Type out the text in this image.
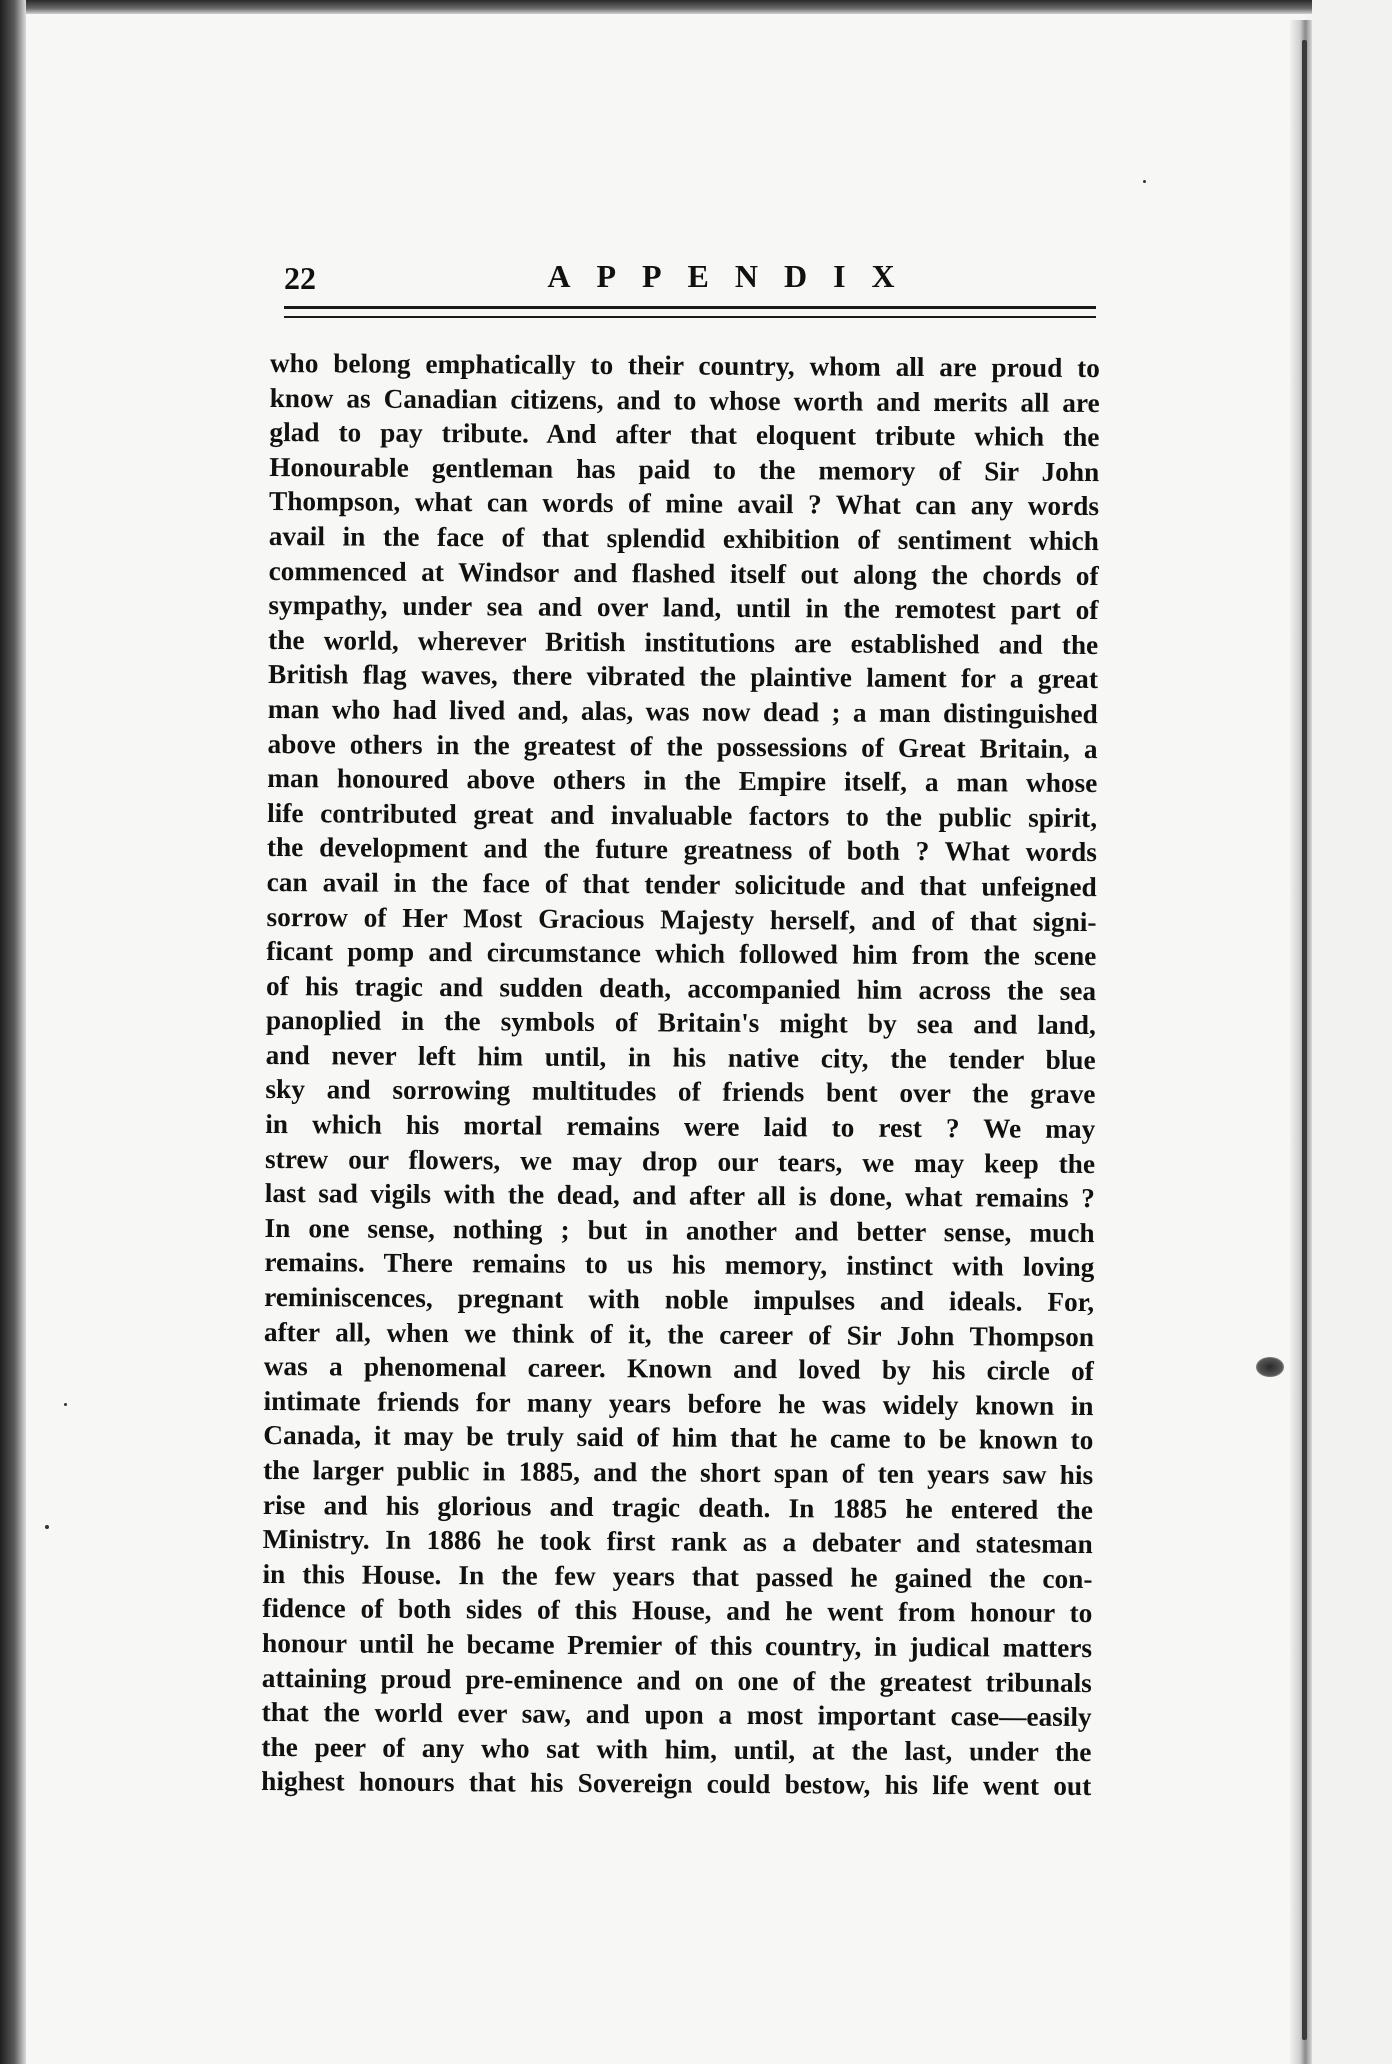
22	APPENDIX
who belong emphatically to their country, whom all are proud to
know as Canadian citizens, and to whose worth and merits all are
glad to pay tribute. And after that eloquent tribute which the
Honourable gentleman has paid to the memory of Sir John
Thompson, what can words of mine avail ? What can any words
avail in the face of that splendid exhibition of sentiment which
commenced at Windsor and flashed itself out along the chords of
sympathy, under sea and over land, until in the remotest part of
the world, wherever British institutions are established and the
British flag waves, there vibrated the plaintive lament for a great
man who had lived and, alas, was now dead ; a man distinguished
above others in the greatest of the possessions of Great Britain, a
man honoured above others in the Empire itself, a man whose
life contributed great and invaluable factors to the public spirit,
the development and the future greatness of both ? What words
can avail in the face of that tender solicitude and that unfeigned
sorrow of Her Most Gracious Majesty herself, and of that signi-
ficant pomp and circumstance which followed him from the scene
of his tragic and sudden death, accompanied him across the sea
panoplied in the symbols of Britain's might by sea and land,
and never left him until, in his native city, the tender blue
sky and sorrowing multitudes of friends bent over the grave
in which his mortal remains were laid to rest ? We may
strew our flowers, we may drop our tears, we may keep the
last sad vigils with the dead, and after all is done, what remains ?
In one sense, nothing ; but in another and better sense, much
remains. There remains to us his memory, instinct with loving
reminiscences, pregnant with noble impulses and ideals. For,
after all, when we think of it, the career of Sir John Thompson
was a phenomenal career. Known and loved by his circle of
intimate friends for many years before he was widely known in
Canada, it may be truly said of him that he came to be known to
the larger public in 1885, and the short span of ten years saw his
rise and his glorious and tragic death. In 1885 he entered the
Ministry. In 1886 he took first rank as a debater and statesman
in this House. In the few years that passed he gained the con-
fidence of both sides of this House, and he went from honour to
honour until he became Premier of this country, in judical matters
attaining proud pre-eminence and on one of the greatest tribunals
that the world ever saw, and upon a most important case—easily
the peer of any who sat with him, until, at the last, under the
highest honours that his Sovereign could bestow, his life went out
